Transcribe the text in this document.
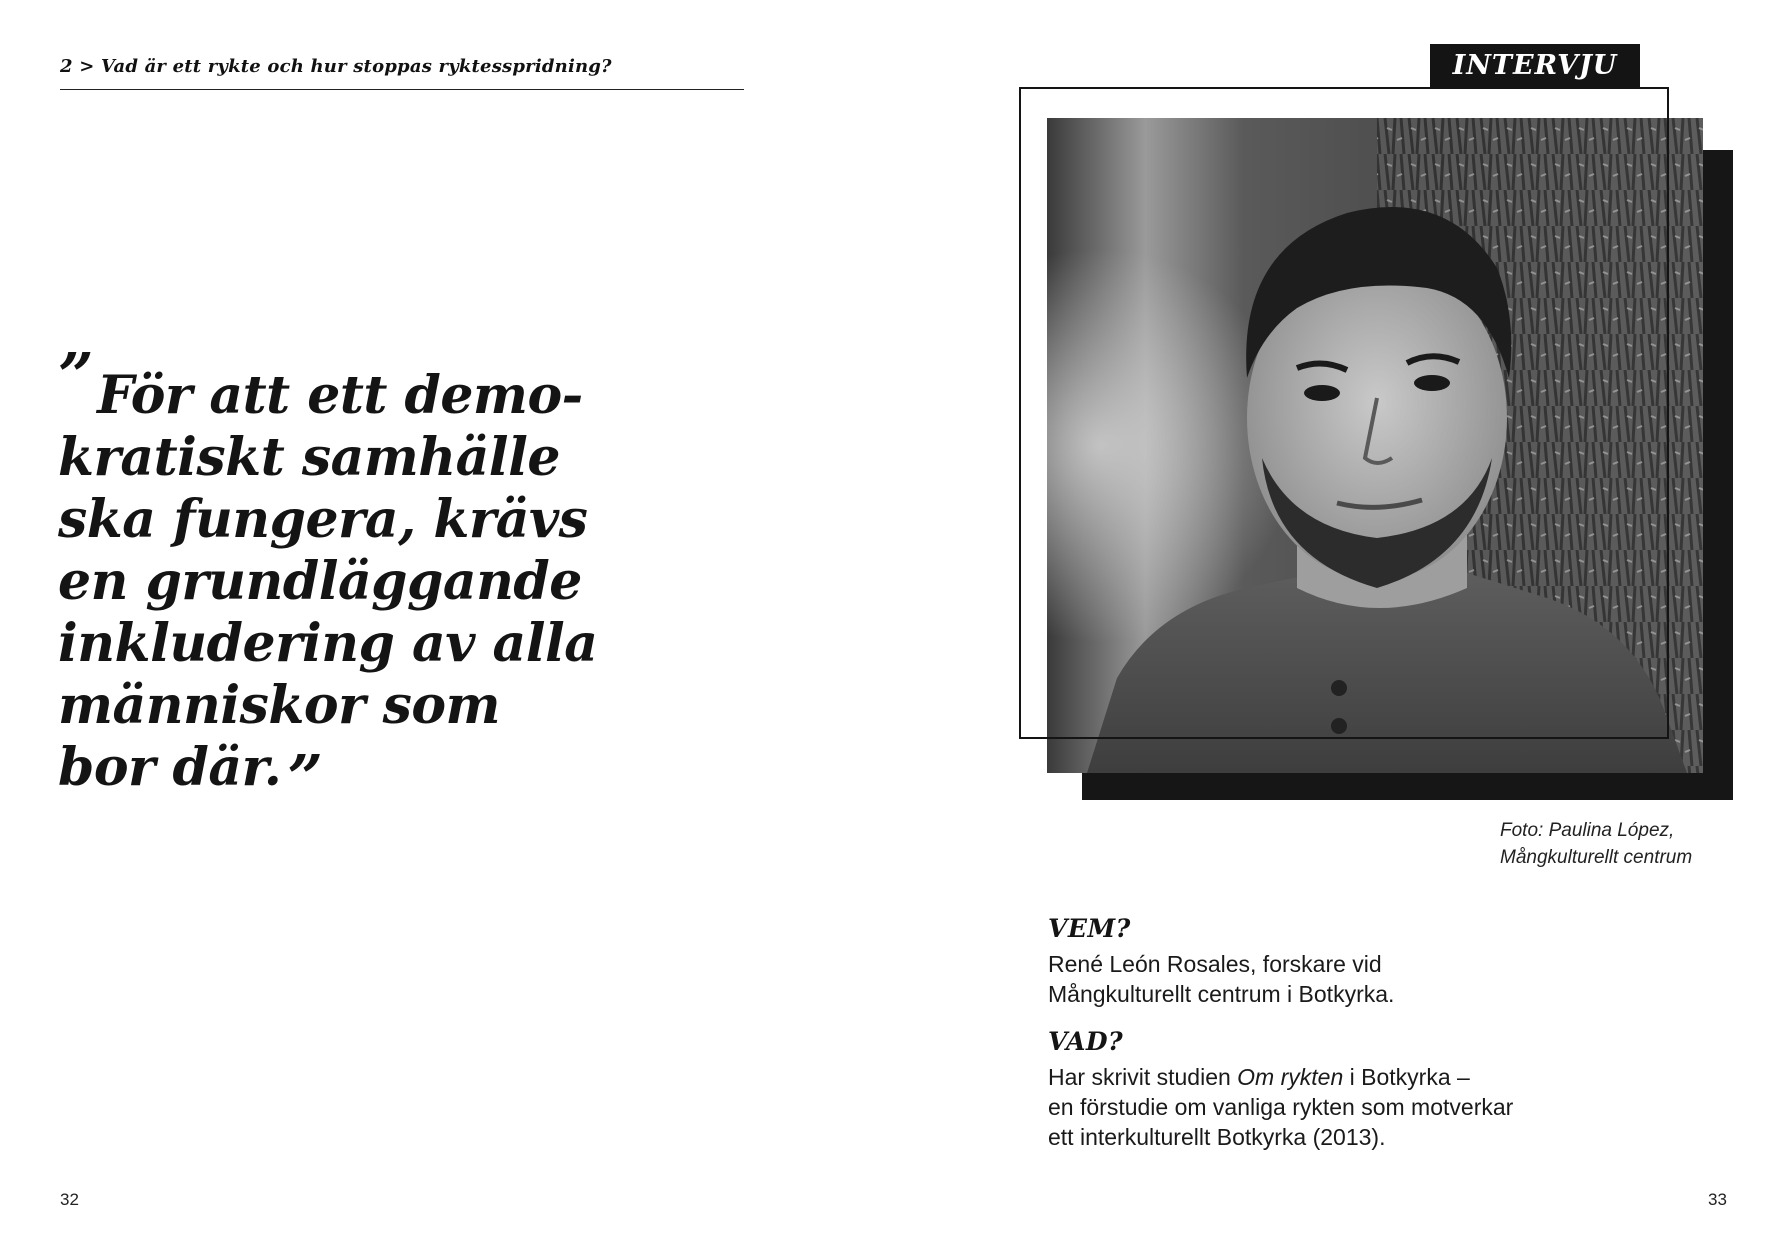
2 > Vad är ett rykte och hur stoppas ryktesspridning?
”För att ett demo-
kratiskt samhälle
ska fungera, krävs
en grundläggande
inkludering av alla
människor som
bor där.”
32
INTERVJU
Foto: Paulina López,
Mångkulturellt centrum
VEM?
René León Rosales, forskare vid
Mångkulturellt centrum i Botkyrka.
VAD?
Har skrivit studien Om rykten i Botkyrka –
en förstudie om vanliga rykten som motverkar
ett interkulturellt Botkyrka (2013).
33
